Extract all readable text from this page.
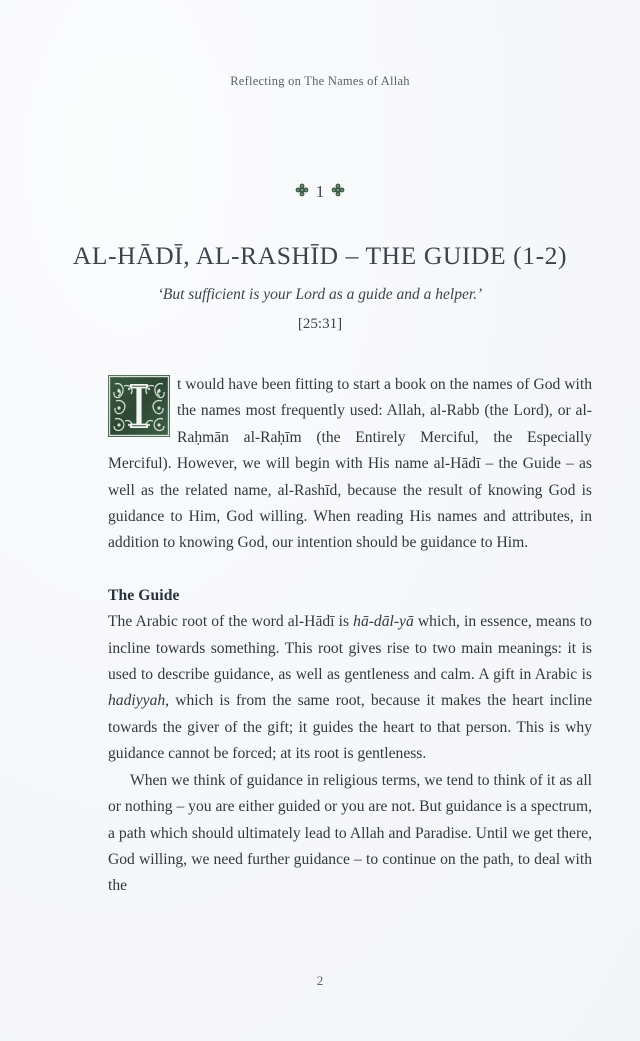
Reflecting on The Names of Allah
1
AL-HĀDĪ, AL-RASHĪD – THE GUIDE (1-2)
‘But sufficient is your Lord as a guide and a helper.’
[25:31]

t would have been fitting to start a book on the names of God with the names most frequently used: Allah, al-Rabb (the Lord), or al-Raḥmān al-Raḥīm (the Entirely Merciful, the Especially Merciful). However, we will begin with His name al-Hādī – the Guide – as well as the related name, al-Rashīd, because the result of knowing God is guidance to Him, God willing. When reading His names and attributes, in addition to knowing God, our intention should be guidance to Him.

The Guide

The Arabic root of the word al-Hādī is hā-dāl-yā which, in essence, means to incline towards something. This root gives rise to two main meanings: it is used to describe guidance, as well as gentleness and calm. A gift in Arabic is hadiyyah, which is from the same root, because it makes the heart incline towards the giver of the gift; it guides the heart to that person. This is why guidance cannot be forced; at its root is gentleness.

When we think of guidance in religious terms, we tend to think of it as all or nothing – you are either guided or you are not. But guidance is a spectrum, a path which should ultimately lead to Allah and Paradise. Until we get there, God willing, we need further guidance – to continue on the path, to deal with the

2
